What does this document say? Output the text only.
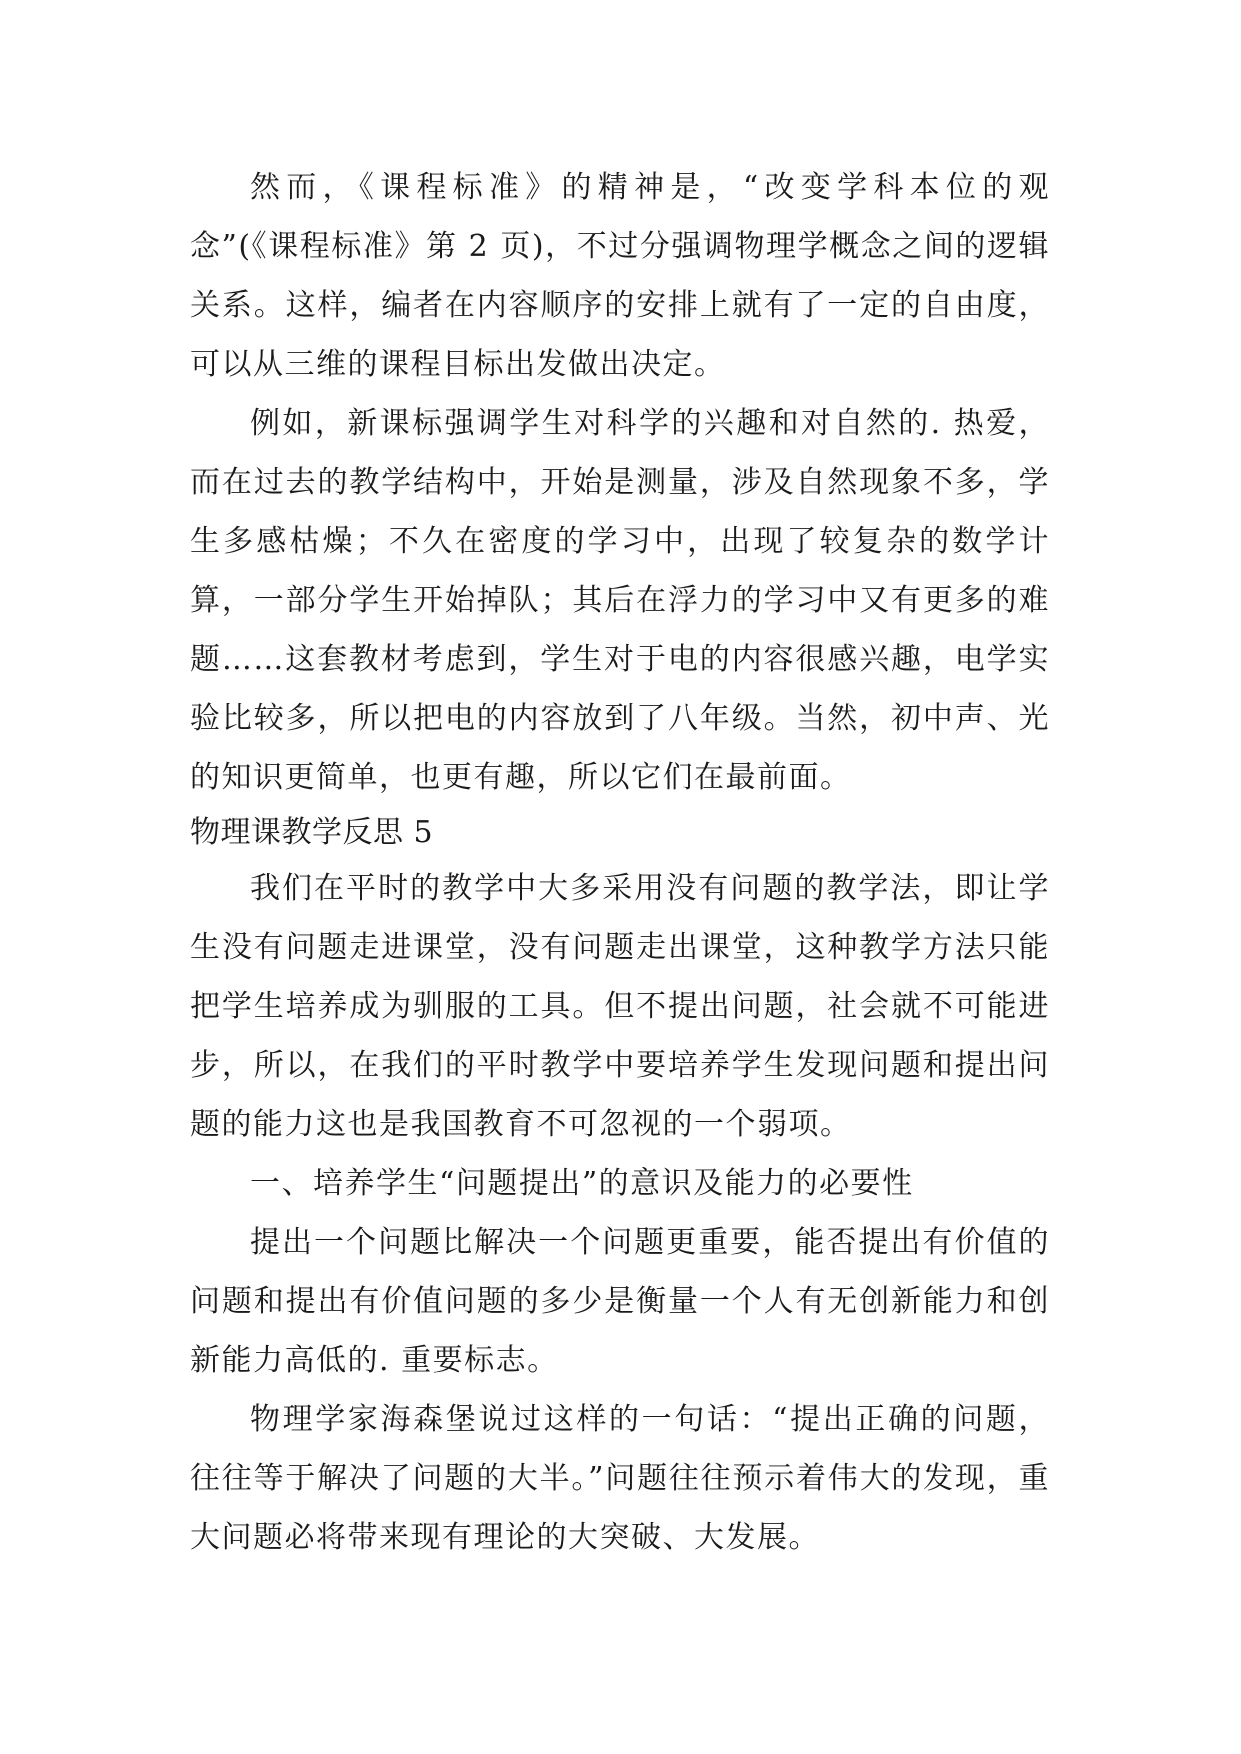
然而，《课程标准》的精神是，“改变学科本位的观念”(《课程标准》第 2 页)，不过分强调物理学概念之间的逻辑关系。这样，编者在内容顺序的安排上就有了一定的自由度，可以从三维的课程目标出发做出决定。

例如，新课标强调学生对科学的兴趣和对自然的. 热爱，而在过去的教学结构中，开始是测量，涉及自然现象不多，学生多感枯燥；不久在密度的学习中，出现了较复杂的数学计算，一部分学生开始掉队；其后在浮力的学习中又有更多的难题……这套教材考虑到，学生对于电的内容很感兴趣，电学实验比较多，所以把电的内容放到了八年级。当然，初中声、光的知识更简单，也更有趣，所以它们在最前面。

物理课教学反思 5

我们在平时的教学中大多采用没有问题的教学法，即让学生没有问题走进课堂，没有问题走出课堂，这种教学方法只能把学生培养成为驯服的工具。但不提出问题，社会就不可能进步，所以，在我们的平时教学中要培养学生发现问题和提出问题的能力这也是我国教育不可忽视的一个弱项。

一、培养学生“问题提出”的意识及能力的必要性

提出一个问题比解决一个问题更重要，能否提出有价值的问题和提出有价值问题的多少是衡量一个人有无创新能力和创新能力高低的. 重要标志。

物理学家海森堡说过这样的一句话：“提出正确的问题，往往等于解决了问题的大半。”问题往往预示着伟大的发现，重大问题必将带来现有理论的大突破、大发展。
